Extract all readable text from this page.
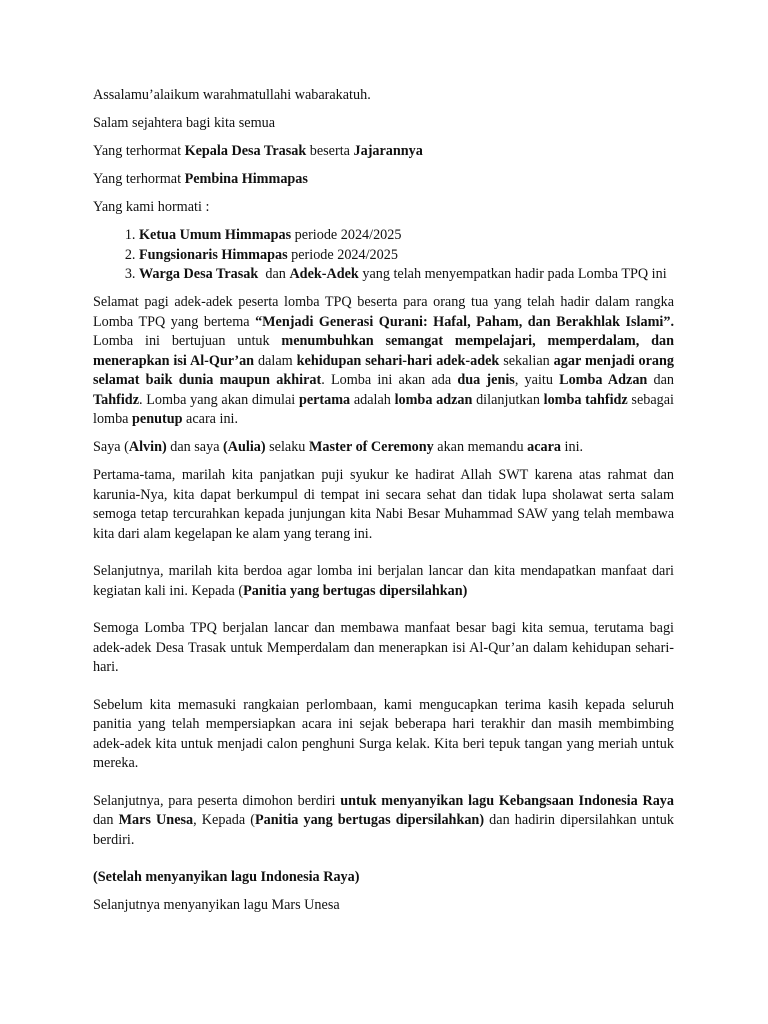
Assalamu’alaikum warahmatullahi wabarakatuh.

Salam sejahtera bagi kita semua

Yang terhormat Kepala Desa Trasak beserta Jajarannya

Yang terhormat Pembina Himmapas

Yang kami hormati :

1. Ketua Umum Himmapas periode 2024/2025
2. Fungsionaris Himmapas periode 2024/2025
3. Warga Desa Trasak  dan Adek-Adek yang telah menyempatkan hadir pada Lomba TPQ ini

Selamat pagi adek-adek peserta lomba TPQ beserta para orang tua yang telah hadir dalam rangka Lomba TPQ yang bertema “Menjadi Generasi Qurani: Hafal, Paham, dan Berakhlak Islami”. Lomba ini bertujuan untuk menumbuhkan semangat mempelajari, memperdalam, dan menerapkan isi Al-Qur’an dalam kehidupan sehari-hari adek-adek sekalian agar menjadi orang selamat baik dunia maupun akhirat. Lomba ini akan ada dua jenis, yaitu Lomba Adzan dan Tahfidz. Lomba yang akan dimulai pertama adalah lomba adzan dilanjutkan lomba tahfidz sebagai lomba penutup acara ini.

Saya (Alvin) dan saya (Aulia) selaku Master of Ceremony akan memandu acara ini.

Pertama-tama, marilah kita panjatkan puji syukur ke hadirat Allah SWT karena atas rahmat dan karunia-Nya, kita dapat berkumpul di tempat ini secara sehat dan tidak lupa sholawat serta salam semoga tetap tercurahkan kepada junjungan kita Nabi Besar Muhammad SAW yang telah membawa kita dari alam kegelapan ke alam yang terang ini.

Selanjutnya, marilah kita berdoa agar lomba ini berjalan lancar dan kita mendapatkan manfaat dari kegiatan kali ini. Kepada (Panitia yang bertugas dipersilahkan)

Semoga Lomba TPQ berjalan lancar dan membawa manfaat besar bagi kita semua, terutama bagi adek-adek Desa Trasak untuk Memperdalam dan menerapkan isi Al-Qur’an dalam kehidupan sehari-hari.

Sebelum kita memasuki rangkaian perlombaan, kami mengucapkan terima kasih kepada seluruh panitia yang telah mempersiapkan acara ini sejak beberapa hari terakhir dan masih membimbing adek-adek kita untuk menjadi calon penghuni Surga kelak. Kita beri tepuk tangan yang meriah untuk mereka.

Selanjutnya, para peserta dimohon berdiri untuk menyanyikan lagu Kebangsaan Indonesia Raya dan Mars Unesa, Kepada (Panitia yang bertugas dipersilahkan) dan hadirin dipersilahkan untuk berdiri.

(Setelah menyanyikan lagu Indonesia Raya)

Selanjutnya menyanyikan lagu Mars Unesa
